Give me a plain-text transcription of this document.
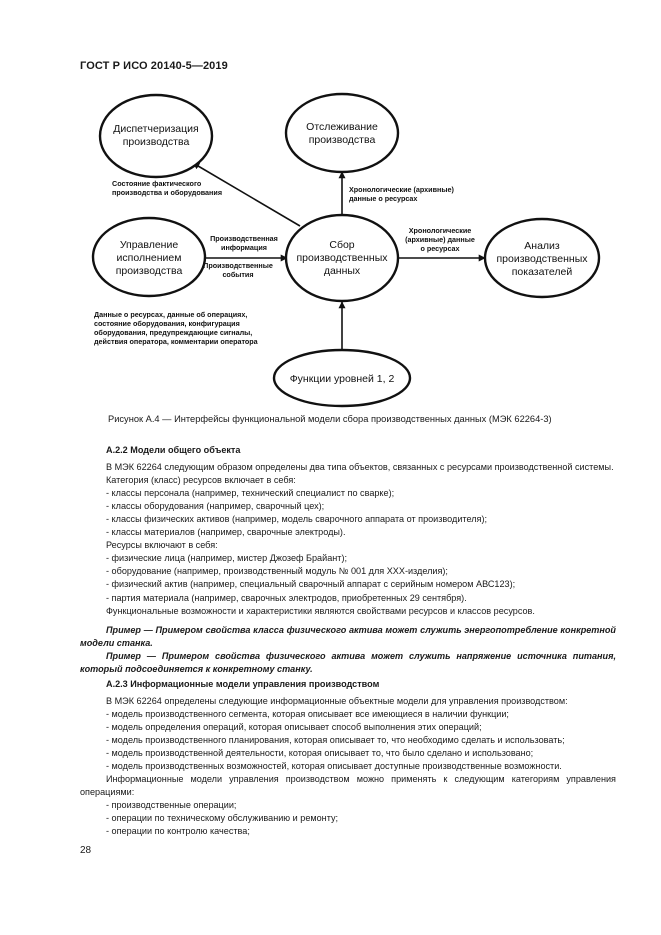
ГОСТ Р ИСО 20140-5—2019
Диспетчеризация производства
Отслеживание производства
Управление исполнением производства
Сбор производственных данных
Анализ производственных показателей
Функции уровней 1, 2
Состояние фактического производства и оборудования	Хронологические (архивные) данные о ресурсах
Производственная информация
Производственные события
Хронологические (архивные) данные о ресурсах
Данные о ресурсах, данные об операциях, состояние оборудования, конфигурация оборудования, предупреждающие сигналы, действия оператора, комментарии оператора
Рисунок А.4 — Интерфейсы функциональной модели сбора производственных данных (МЭК 62264-3)

А.2.2 Модели общего объекта

В МЭК 62264 следующим образом определены два типа объектов, связанных с ресурсами производственной системы.

Категория (класс) ресурсов включает в себя:

- классы персонала (например, технический специалист по сварке);

- классы оборудования (например, сварочный цех);

- классы физических активов (например, модель сварочного аппарата от производителя);

- классы материалов (например, сварочные электроды).

Ресурсы включают в себя:

- физические лица (например, мистер Джозеф Брайант);

- оборудование (например, производственный модуль № 001 для ХХХ-изделия);

- физический актив (например, специальный сварочный аппарат с серийным номером АВС123);

- партия материала (например, сварочных электродов, приобретенных 29 сентября).

Функциональные возможности и характеристики являются свойствами ресурсов и классов ресурсов.

Пример — Примером свойства класса физического актива может служить энергопотребление конкретной модели станка.

Пример — Примером свойства физического актива может служить напряжение источника питания, который подсоединяется к конкретному станку.

А.2.3 Информационные модели управления производством

В МЭК 62264 определены следующие информационные объектные модели для управления производством:

- модель производственного сегмента, которая описывает все имеющиеся в наличии функции;

- модель определения операций, которая описывает способ выполнения этих операций;

- модель производственного планирования, которая описывает то, что необходимо сделать и использовать;

- модель производственной деятельности, которая описывает то, что было сделано и использовано;

- модель производственных возможностей, которая описывает доступные производственные возможности.

Информационные модели управления производством можно применять к следующим категориям управления операциями:

- производственные операции;

- операции по техническому обслуживанию и ремонту;

- операции по контролю качества;

28
